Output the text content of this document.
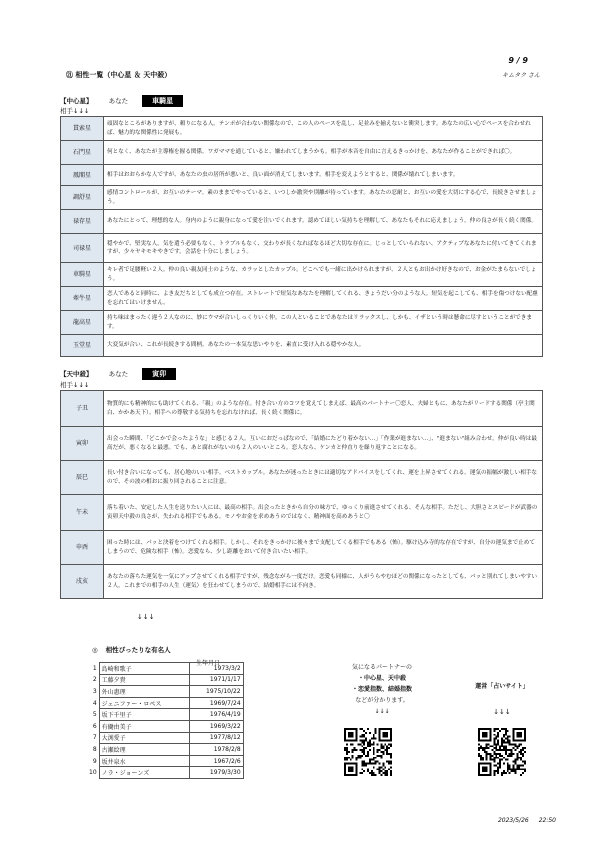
9 / 9
キムタク さん
㉑ 相性一覧（中心星 ＆ 天中殺）
【中心星】 あなた	車騎星
相手↓↓↓
貫索星	頑固なところがありますが、頼りになる人。テンポが合わない関係なので、この人のペースを乱し、足並みを揃えないと衝突します。あなたの広い心でペースを合わせれば、魅力的な関係性に発展も。
石門星	何となく、あなたが主導権を握る関係。ワガママを通していると、嫌われてしまうかも。相手が本音を自由に言えるきっかけを、あなたが作ることができれば〇。
鳳閣星	相手はおおらかな人ですが、あなたの虫の居所が悪いと、良い面が消えてしまいます。相手を変えようとすると、関係が壊れてしまいます。
調舒星	感情コントロールが、お互いのテーマ。素のままでやっていると、いつしか激突や別離が待っています。あなたの忍耐と、お互いの愛を大切にする心で、長続きさせましょう。
禄存星	あなたにとって、理想的な人。身内のように親身になって愛を注いでくれます。認めてほしい気持ちを理解して、あなたもそれに応えましょう。仲の良さが長く続く関係。
司禄星	穏やかで、堅実な人。気を遣う必要もなく、トラブルもなく、交わりが長くなればなるほど大切な存在に。じっとしていられない、アクティブなあなたに付いてきてくれますが、少々ヤキモキやきです。会話を十分にしましょう。
車騎星	キレ者で足腰軽い２人。仲の良い親友同士のような、カラッとしたカップル。どこへでも一緒に出かけられますが、２人ともお出かけ好きなので、お金がたまらないでしょう。
牽牛星	恋人であると同時に、よき友だちとしても成立つ存在。ストレートで短気なあなたを理解してくれる、きょうだい分のような人。短気を起こしても、相手を傷つけない配慮を忘れてはいけません。
龍高星	持ち味はまったく違う２人なのに、妙にウマが合いしっくりいく仲。この人といることであなたはリラックスし、しかも、イザという時は懸命に尽すということができます。
玉堂星	大変気が合い、これが長続きする間柄。あなたの一本気な思いやりを、素直に受け入れる穏やかな人。
【天中殺】 あなた	寅卯
相手↓↓↓
子丑	物質的にも精神的にも助けてくれる、「親」のような存在。付き合い方のコツを覚えてしまえば、最高のパートナー〇恋人、夫婦ともに、あなたがリードする関係（亭主関白、かかあ天下）。相手への尊敬する気持ちを忘れなければ、長く続く関係に。
寅卯	出会った瞬間、「どこかで会ったような」と感じる２人。互いにおだっぱなので、「結婚にたどり着かない…」「作業が進まない…」、"進まない"組み合わせ。仲が良い時は最高だが、悪くなると最悪。でも、あと腐れがないのも２人のいいところ。恋人なら、ケンカと仲直りを繰り返すことになる。
辰巳	長い付き合いになっても、居心地のいい相手。ベストカップル。あなたが迷ったときには適切なアドバイスをしてくれ、運を上昇させてくれる。運気の振幅が激しい相手なので、その波の相おに振り回されることに注意。
午未	落ち着いた、安定した人生を送りたい人には、最高の相手。出会ったときから自分の味方で、ゆっくり前進させてくれる、そんな相手。ただし、大胆さとスピードが武器の寅卯天中殺の良さが、失われる相手でもある。モノやお金を求めあうのではなく、精神面を高めあうと〇
申酉	困った時には、パッと決着をつけてくれる相手。しかし、それをきっかけに後々まで支配してくる相手でもある（怖）。駆け込み寺的な存在ですが、自分の運気まで止めてしまうので、危険な相手（怖）。恋愛なら、少し距離をおいて付き合いたい相手。
戌亥	あなたの落ちた運気を一気にアップさせてくれる相手ですが、残念ながら一度だけ。恋愛も同様に、人がうらやむほどの関係になったとしても、パッと別れてしまいやすい２人。これまでの相手の人生（運気）を狂わせてしまうので、結婚相手には不向き。
↓↓↓
◎ 相性ぴったりな有名人
生年月日
1	島崎和歌子	1973/3/2
2	工藤夕貴	1971/1/17
3	外山惠理	1975/10/22
4	ジェニファー・ロペス	1969/7/24
5	坂下千里子	1976/4/19
6	有働由美子	1969/3/22
7	大渕愛子	1977/8/12
8	古瀬絵理	1978/2/8
9	坂井泉水	1967/2/6
10	ノラ・ジョーンズ	1979/3/30
気になるパートナーの
・中心星、天中殺
・恋愛指数、結婚指数
などが分かります。
↓↓↓
運営「占いサイト」
↓↓↓
2023/5/26 22:50
